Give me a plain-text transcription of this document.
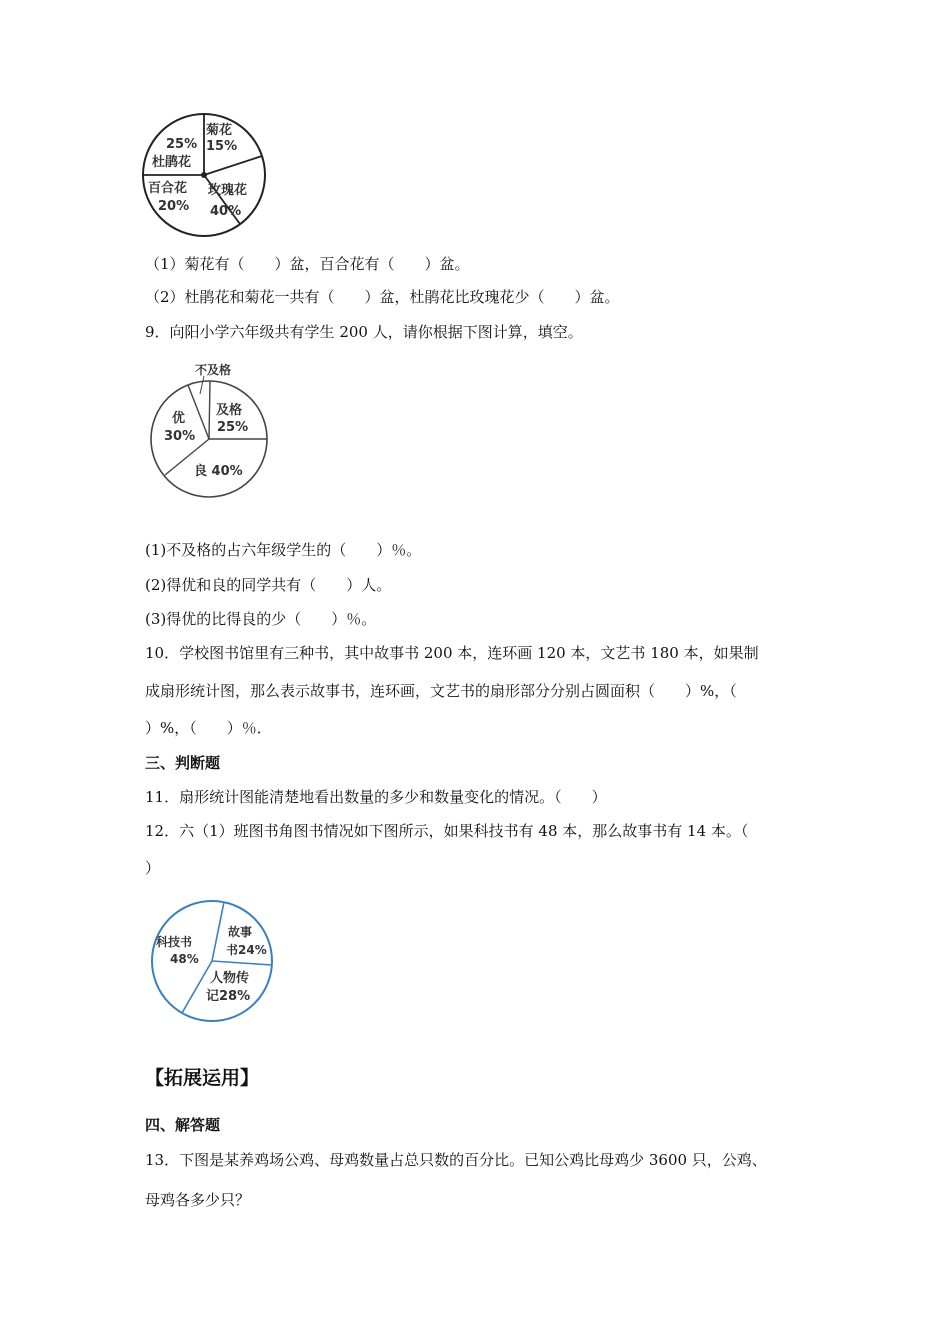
菊花
15%
25%
杜鹃花
百合花
20%
玫瑰花
40%
（1）菊花有（　　）盆，百合花有（　　）盆。
（2）杜鹃花和菊花一共有（　　）盆，杜鹃花比玫瑰花少（　　）盆。
9．向阳小学六年级共有学生 200 人，请你根据下图计算，填空。
不及格
及格
25%
优
30%
良 40%
(1)不及格的占六年级学生的（　　）％。
(2)得优和良的同学共有（　　）人。
(3)得优的比得良的少（　　）％。
10．学校图书馆里有三种书，其中故事书 200 本，连环画 120 本，文艺书 180 本，如果制
成扇形统计图，那么表示故事书，连环画，文艺书的扇形部分分别占圆面积（　　）%，（
）%，（　　）％．
三、判断题
11．扇形统计图能清楚地看出数量的多少和数量变化的情况。（　　）
12．六（1）班图书角图书情况如下图所示，如果科技书有 48 本，那么故事书有 14 本。（
）
科技书
48%
故事
书24%
人物传
记28%
【拓展运用】
四、解答题
13．下图是某养鸡场公鸡、母鸡数量占总只数的百分比。已知公鸡比母鸡少 3600 只，公鸡、
母鸡各多少只？
